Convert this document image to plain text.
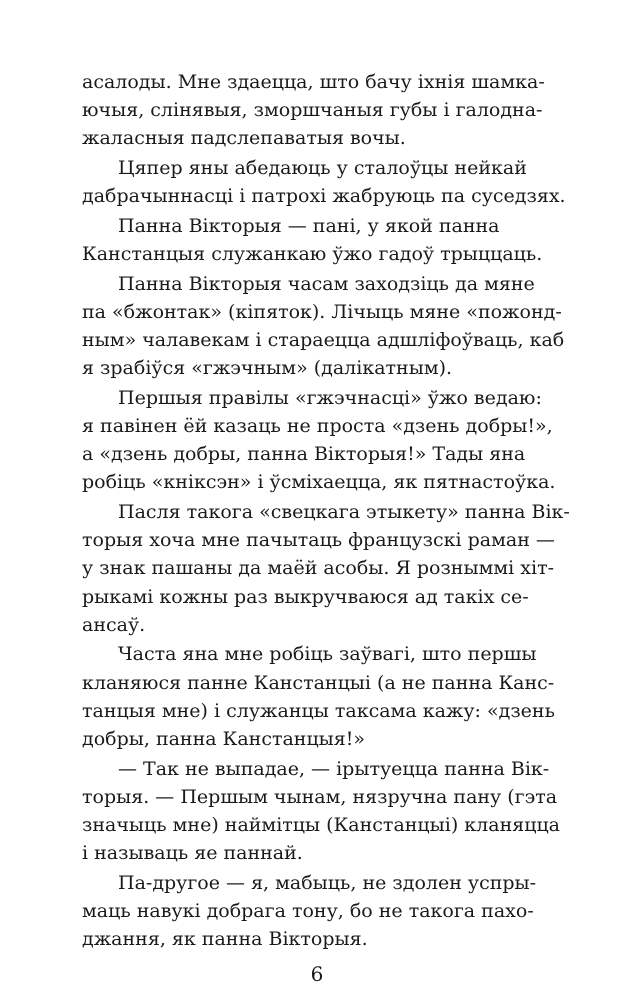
асалоды. Мне здаецца, што бачу іхнія шамка-
ючыя, слінявыя, зморшчаныя губы і галодна-
жаласныя падслепаватыя вочы.
Цяпер яны абедаюць у сталоўцы нейкай
дабрачыннасці і патрохі жабруюць па суседзях.
Панна Вікторыя — пані, у якой панна
Канстанцыя служанкаю ўжо гадоў трыццаць.
Панна Вікторыя часам заходзіць да мяне
па «бжонтак» (кіпяток). Лічыць мяне «пожонд-
ным» чалавекам і стараецца адшліфоўваць, каб
я зрабіўся «гжэчным» (далікатным).
Першыя правілы «гжэчнасці» ўжо ведаю:
я павінен ёй казаць не проста «дзень добры!»,
а «дзень добры, панна Вікторыя!» Тады яна
робіць «кніксэн» і ўсміхаецца, як пятнастоўка.
Пасля такога «свецкага этыкету» панна Вік-
торыя хоча мне пачытаць французскі раман —
у знак пашаны да маёй асобы. Я розныммі хіт-
рыкамі кожны раз выкручваюся ад такіх се-
ансаў.
Часта яна мне робіць заўвагі, што першы
кланяюся панне Канстанцыі (а не панна Канс-
танцыя мне) і служанцы таксама кажу: «дзень
добры, панна Канстанцыя!»
— Так не выпадае, — ірытуецца панна Вік-
торыя. — Першым чынам, нязручна пану (гэта
значыць мне) наймітцы (Канстанцыі) кланяцца
і называць яе паннай.
Па-другое — я, мабыць, не здолен успры-
маць навукі добрага тону, бо не такога пахо-
джання, як панна Вікторыя.
6
